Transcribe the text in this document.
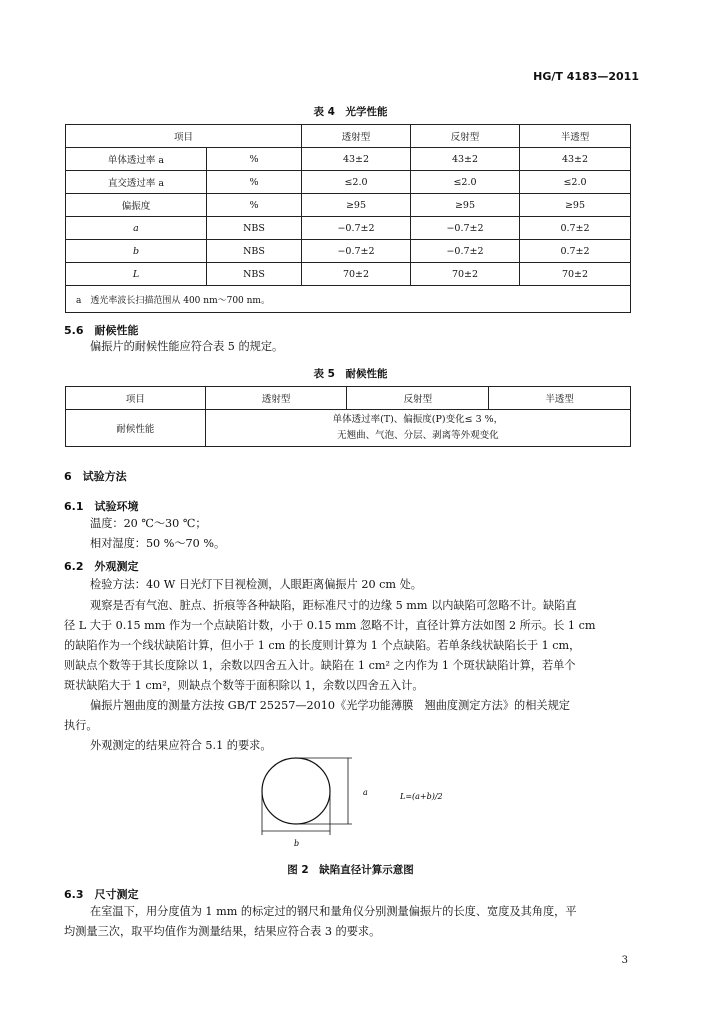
HG/T 4183—2011
表 4　光学性能
项目		透射型	反射型	半透型
单体透过率 a	%	43±2	43±2	43±2
直交透过率 a	%	≤2.0	≤2.0	≤2.0
偏振度	%	≥95	≥95	≥95
a	NBS	−0.7±2	−0.7±2	0.7±2
b	NBS	−0.7±2	−0.7±2	0.7±2
L	NBS	70±2	70±2	70±2
a　透光率波长扫描范围从 400 nm～700 nm。				
5.6　耐候性能
偏振片的耐候性能应符合表 5 的规定。
表 5　耐候性能
项目	透射型	反射型	半透型
耐候性能	单体透过率(T)、偏振度(P)变化≤ 3 %，
无翘曲、气泡、分层、剥离等外观变化		
6　试验方法
6.1　试验环境
温度：20 ℃～30 ℃；
相对湿度：50 %～70 %。
6.2　外观测定
检验方法：40 W 日光灯下目视检测，人眼距离偏振片 20 cm 处。
观察是否有气泡、脏点、折痕等各种缺陷，距标准尺寸的边缘 5 mm 以内缺陷可忽略不计。缺陷直
径 L 大于 0.15 mm 作为一个点缺陷计数，小于 0.15 mm 忽略不计，直径计算方法如图 2 所示。长 1 cm
的缺陷作为一个线状缺陷计算，但小于 1 cm 的长度则计算为 1 个点缺陷。若单条线状缺陷长于 1 cm，
则缺点个数等于其长度除以 1，余数以四舍五入计。缺陷在 1 cm² 之内作为 1 个斑状缺陷计算，若单个
斑状缺陷大于 1 cm²，则缺点个数等于面积除以 1，余数以四舍五入计。
偏振片翘曲度的测量方法按 GB/T 25257—2010《光学功能薄膜　翘曲度测定方法》的相关规定
执行。
外观测定的结果应符合 5.1 的要求。
a
b
L=(a+b)/2
图 2　缺陷直径计算示意图
6.3　尺寸测定
在室温下，用分度值为 1 mm 的标定过的钢尺和量角仪分别测量偏振片的长度、宽度及其角度，平
均测量三次，取平均值作为测量结果，结果应符合表 3 的要求。
3
